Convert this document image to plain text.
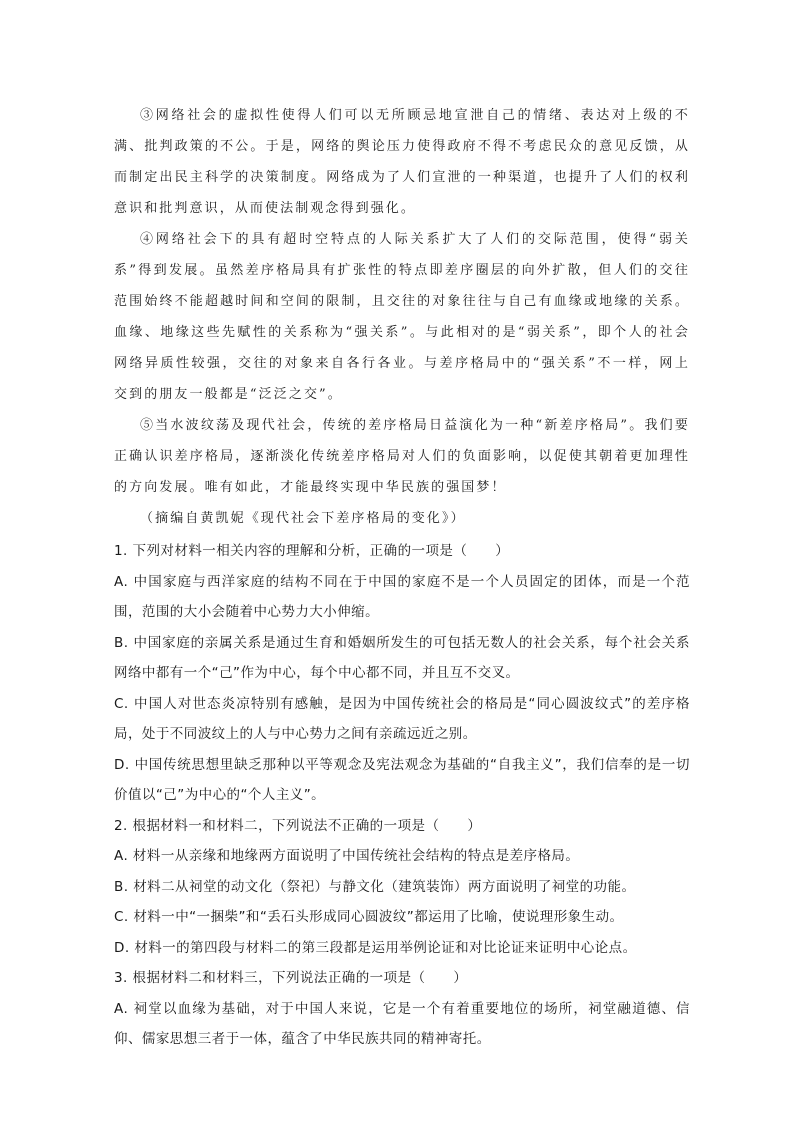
③网络社会的虚拟性使得人们可以无所顾忌地宣泄自己的情绪、表达对上级的不满、批判政策的不公。于是，网络的舆论压力使得政府不得不考虑民众的意见反馈，从而制定出民主科学的决策制度。网络成为了人们宣泄的一种渠道，也提升了人们的权利意识和批判意识，从而使法制观念得到强化。

④网络社会下的具有超时空特点的人际关系扩大了人们的交际范围，使得“弱关系”得到发展。虽然差序格局具有扩张性的特点即差序圈层的向外扩散，但人们的交往范围始终不能超越时间和空间的限制，且交往的对象往往与自己有血缘或地缘的关系。血缘、地缘这些先赋性的关系称为“强关系”。与此相对的是“弱关系”，即个人的社会网络异质性较强，交往的对象来自各行各业。与差序格局中的“强关系”不一样，网上交到的朋友一般都是“泛泛之交”。

⑤当水波纹荡及现代社会，传统的差序格局日益演化为一种“新差序格局”。我们要正确认识差序格局，逐渐淡化传统差序格局对人们的负面影响，以促使其朝着更加理性的方向发展。唯有如此，才能最终实现中华民族的强国梦！

（摘编自黄凯妮《现代社会下差序格局的变化》）

1. 下列对材料一相关内容的理解和分析，正确的一项是（　　）

A. 中国家庭与西洋家庭的结构不同在于中国的家庭不是一个人员固定的团体，而是一个范围，范围的大小会随着中心势力大小伸缩。

B. 中国家庭的亲属关系是通过生育和婚姻所发生的可包括无数人的社会关系，每个社会关系网络中都有一个“己”作为中心，每个中心都不同，并且互不交叉。

C. 中国人对世态炎凉特别有感触，是因为中国传统社会的格局是“同心圆波纹式”的差序格局，处于不同波纹上的人与中心势力之间有亲疏远近之别。

D. 中国传统思想里缺乏那种以平等观念及宪法观念为基础的“自我主义”，我们信奉的是一切价值以“己”为中心的“个人主义”。

2. 根据材料一和材料二，下列说法不正确的一项是（　　）

A. 材料一从亲缘和地缘两方面说明了中国传统社会结构的特点是差序格局。

B. 材料二从祠堂的动文化（祭祀）与静文化（建筑装饰）两方面说明了祠堂的功能。

C. 材料一中“一捆柴”和“丢石头形成同心圆波纹”都运用了比喻，使说理形象生动。

D. 材料一的第四段与材料二的第三段都是运用举例论证和对比论证来证明中心论点。

3. 根据材料二和材料三，下列说法正确的一项是（　　）

A. 祠堂以血缘为基础，对于中国人来说，它是一个有着重要地位的场所，祠堂融道德、信仰、儒家思想三者于一体，蕴含了中华民族共同的精神寄托。
